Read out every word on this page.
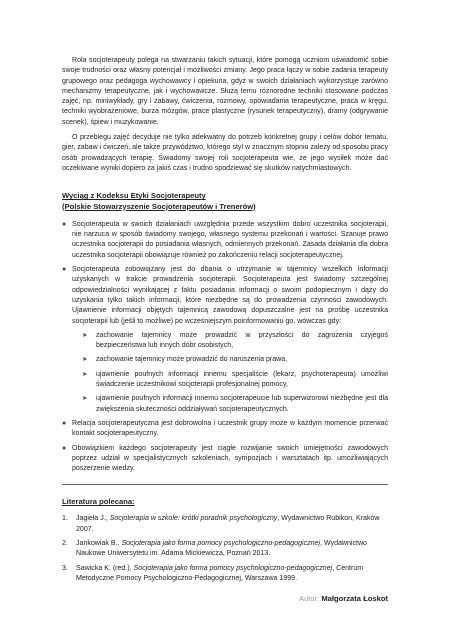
Rola socjoterapeuty polega na stwarzaniu takich sytuacji, które pomogą uczniom uświadomić sobie swoje trudności oraz własny potencjał i możliwości zmiany. Jego praca łączy w sobie zadania terapeuty grupowego oraz pedagoga wychowawcy i opiekuna, gdyż w swoich działaniach wykorzystuje zarówno mechanizmy terapeutyczne, jak i wychowawcze. Służą temu różnorodne techniki stosowane podczas zajęć, np. miniwykłady, gry i zabawy, ćwiczenia, rozmowy, opowiadania terapeutyczne, praca w kręgu, techniki wyobrażeniowe, burza mózgów, prace plastyczne (rysunek terapeutyczny), dramy (odgrywanie scenek), śpiew i muzykowanie.

O przebiegu zajęć decyduje nie tylko adekwatny do potrzeb konkretnej grupy i celów dobór tematu, gier, zabaw i ćwiczeń, ale także przywództwo, którego styl w znacznym stopniu zależy od sposobu pracy osób prowadzących terapię. Świadomy swojej roli socjoterapeuta wie, że jego wysiłek może dać oczekiwane wyniki dopiero za jakiś czas i trudno spodziewać się skutków natychmiastowych.

Wyciąg z Kodeksu Etyki Socjoterapeuty
(Polskie Stowarzyszenie Socjoterapeutów i Trenerów)
● Socjoterapeuta w swoich działaniach uwzględnia przede wszystkim dobro uczestnika socjoterapii, nie narzuca w sposób świadomy swojego, własnego systemu przekonań i wartości. Szanuje prawo uczestnika socjoterapii do posiadania własnych, odmiennych przekonań. Zasada działania dla dobra uczestnika socjoterapii obowiązuje również po zakończeniu relacji socjoterapeutycznej.
● Socjoterapeuta zobowiązany jest do dbania o utrzymanie w tajemnicy wszelkich informacji uzyskanych w trakcie prowadzenia socjoterapii. Socjoterapeuta jest świadomy szczególnej odpowiedzialności wynikającej z faktu posiadania informacji o swoim podopiecznym i dąży do uzyskania tylko takich informacji, które niezbędne są do prowadzenia czynności zawodowych. Ujawnienie informacji objętych tajemnicą zawodową dopuszczalne jest na prośbę uczestnika socjoterapii lub (jeśli to możliwe) po wcześniejszym poinformowaniu go, wówczas gdy:
➤ zachowanie tajemnicy może prowadzić w przyszłości do zagrożenia czyjegoś bezpieczeństwa lub innych dóbr osobistych,
➤ zachowanie tajemnicy może prowadzić do naruszenia prawa,
➤ ujawnienie poufnych informacji innemu specjaliście (lekarz, psychoterapeuta) umożliwi świadczenie uczestnikowi socjoterapii profesjonalnej pomocy,
➤ ujawnienie poufnych informacji innemu socjoterapeucie lub superwizorowi niezbędne jest dla zwiększenia skuteczności oddziaływań socjoterapeutycznych.
● Relacja socjoterapeutyczna jest dobrowolna i uczestnik grupy może w każdym momencie przerwać kontakt socjoterapeutyczny.
● Obowiązkiem każdego socjoterapeuty jest ciągłe rozwijanie swoich umiejętności zawodowych poprzez udział w specjalistycznych szkoleniach, sympozjach i warsztatach itp. umożliwiających poszerzenie wiedzy.
Literatura polecana:
1. Jagieła J., Socjoterapia w szkole: krótki poradnik psychologiczny, Wydawnictwo Rubikon, Kraków 2007.
2. Jankowiak B., Socjoterapia jako forma pomocy psychologiczno-pedagogicznej, Wydawnictwo Naukowe Uniwersytetu im. Adama Mickiewicza, Poznań 2013.
3. Sawicka K. (red.), Socjoterapia jako forma pomocy psychologiczno-pedagogicznej, Centrum Metodyczne Pomocy Psychologiczno-Pedagogicznej, Warszawa 1999.
Autor: Małgorzata Łoskot
